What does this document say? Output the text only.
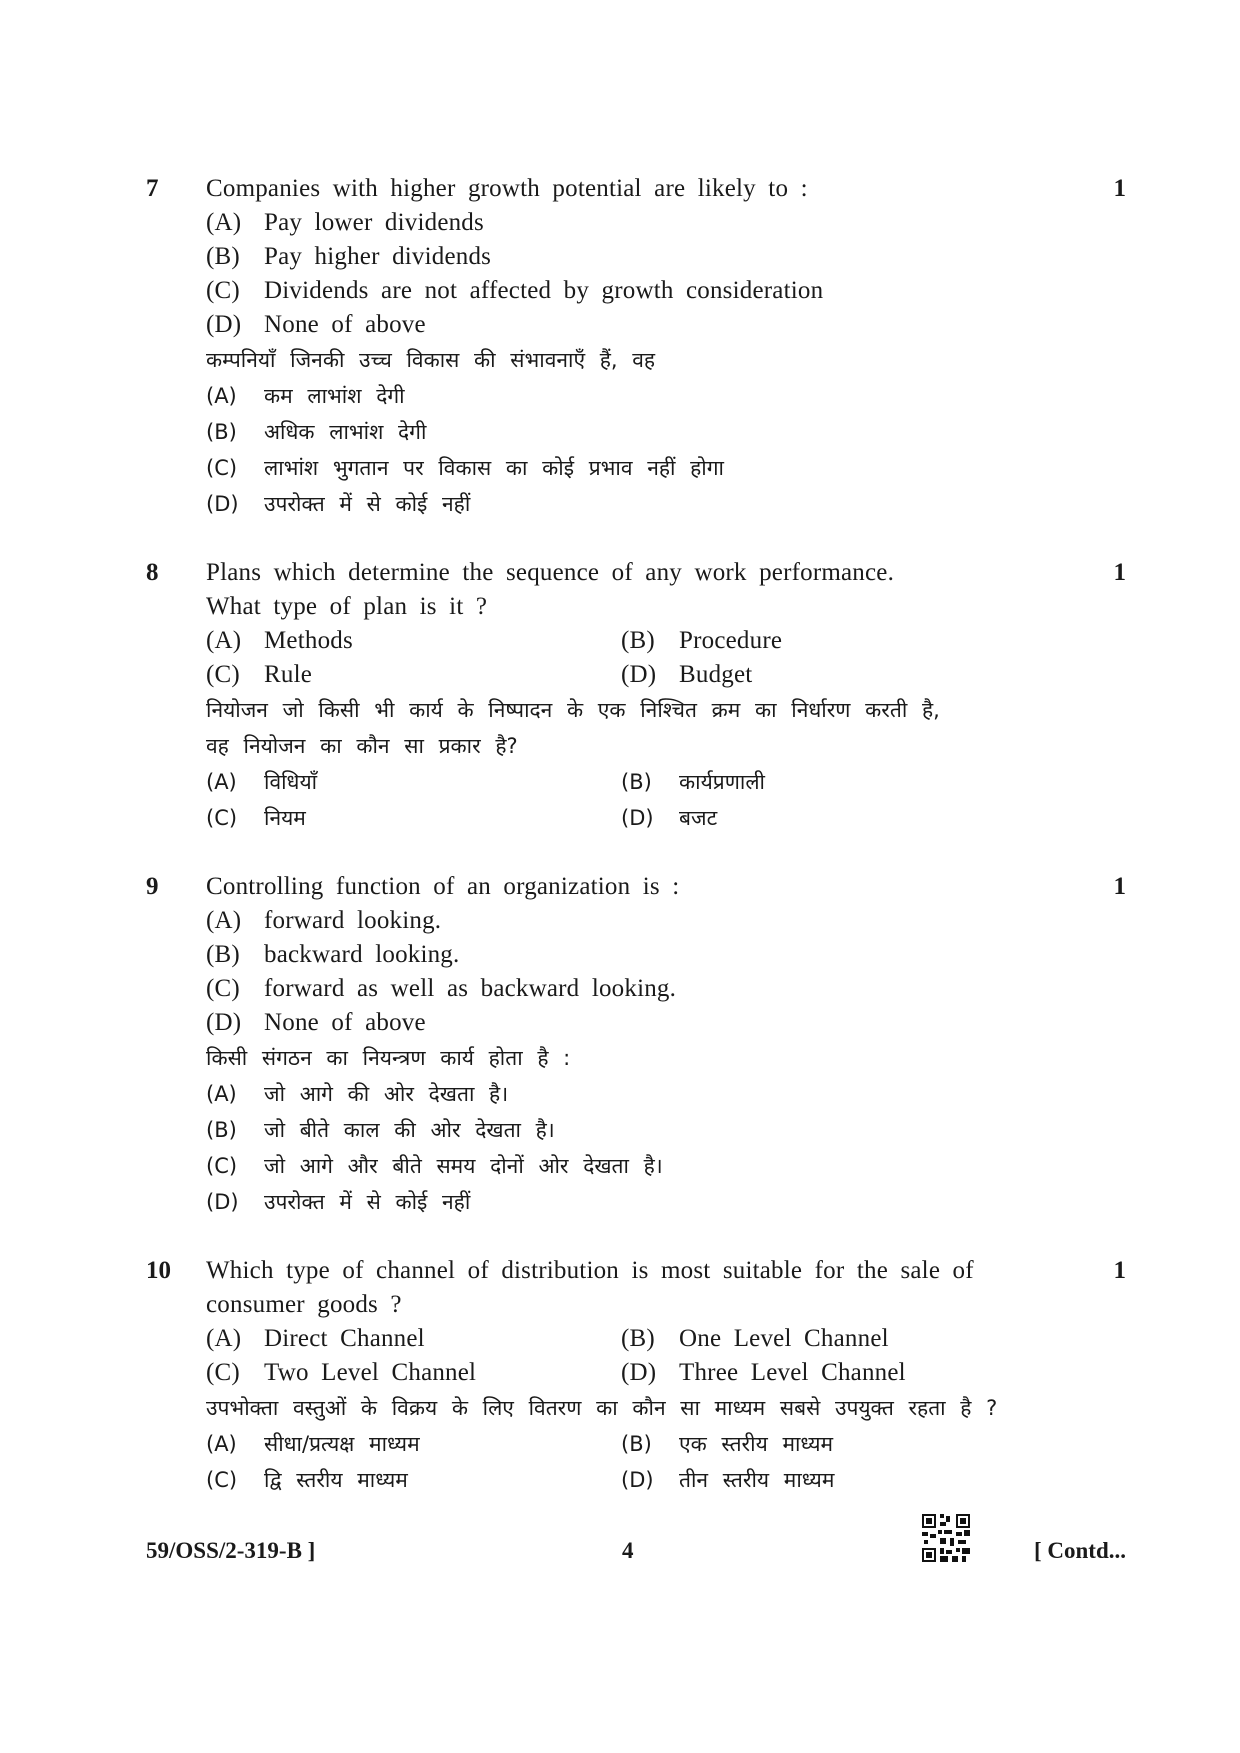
7	1
Companies with higher growth potential are likely to :
(A) Pay lower dividends
(B) Pay higher dividends
(C) Dividends are not affected by growth consideration
(D) None of above
कम्पनियाँ जिनकी उच्च विकास की संभावनाएँ हैं, वह
(A)	कम लाभांश देगी
(B)	अधिक लाभांश देगी
(C)	लाभांश भुगतान पर विकास का कोई प्रभाव नहीं होगा
(D)	उपरोक्त में से कोई नहीं
8	1
Plans which determine the sequence of any work performance.
What type of plan is it ?
(A) Methods	(B) Procedure
(C) Rule	(D) Budget
नियोजन जो किसी भी कार्य के निष्पादन के एक निश्चित क्रम का निर्धारण करती है,
वह नियोजन का कौन सा प्रकार है?
(A)	विधियाँ	(B)	कार्यप्रणाली
(C)	नियम	(D)	बजट
9	1
Controlling function of an organization is :
(A) forward looking.
(B) backward looking.
(C) forward as well as backward looking.
(D) None of above
किसी संगठन का नियन्त्रण कार्य होता है :
(A)	जो आगे की ओर देखता है।
(B)	जो बीते काल की ओर देखता है।
(C)	जो आगे और बीते समय दोनों ओर देखता है।
(D)	उपरोक्त में से कोई नहीं
10	1
Which type of channel of distribution is most suitable for the sale of
consumer goods ?
(A) Direct Channel	(B) One Level Channel
(C) Two Level Channel	(D) Three Level Channel
उपभोक्ता वस्तुओं के विक्रय के लिए वितरण का कौन सा माध्यम सबसे उपयुक्त रहता है ?
(A)	सीधा/प्रत्यक्ष माध्यम	(B)	एक स्तरीय माध्यम
(C)	द्वि स्तरीय माध्यम	(D)	तीन स्तरीय माध्यम
59/OSS/2-319-B ]	4	[ Contd...
